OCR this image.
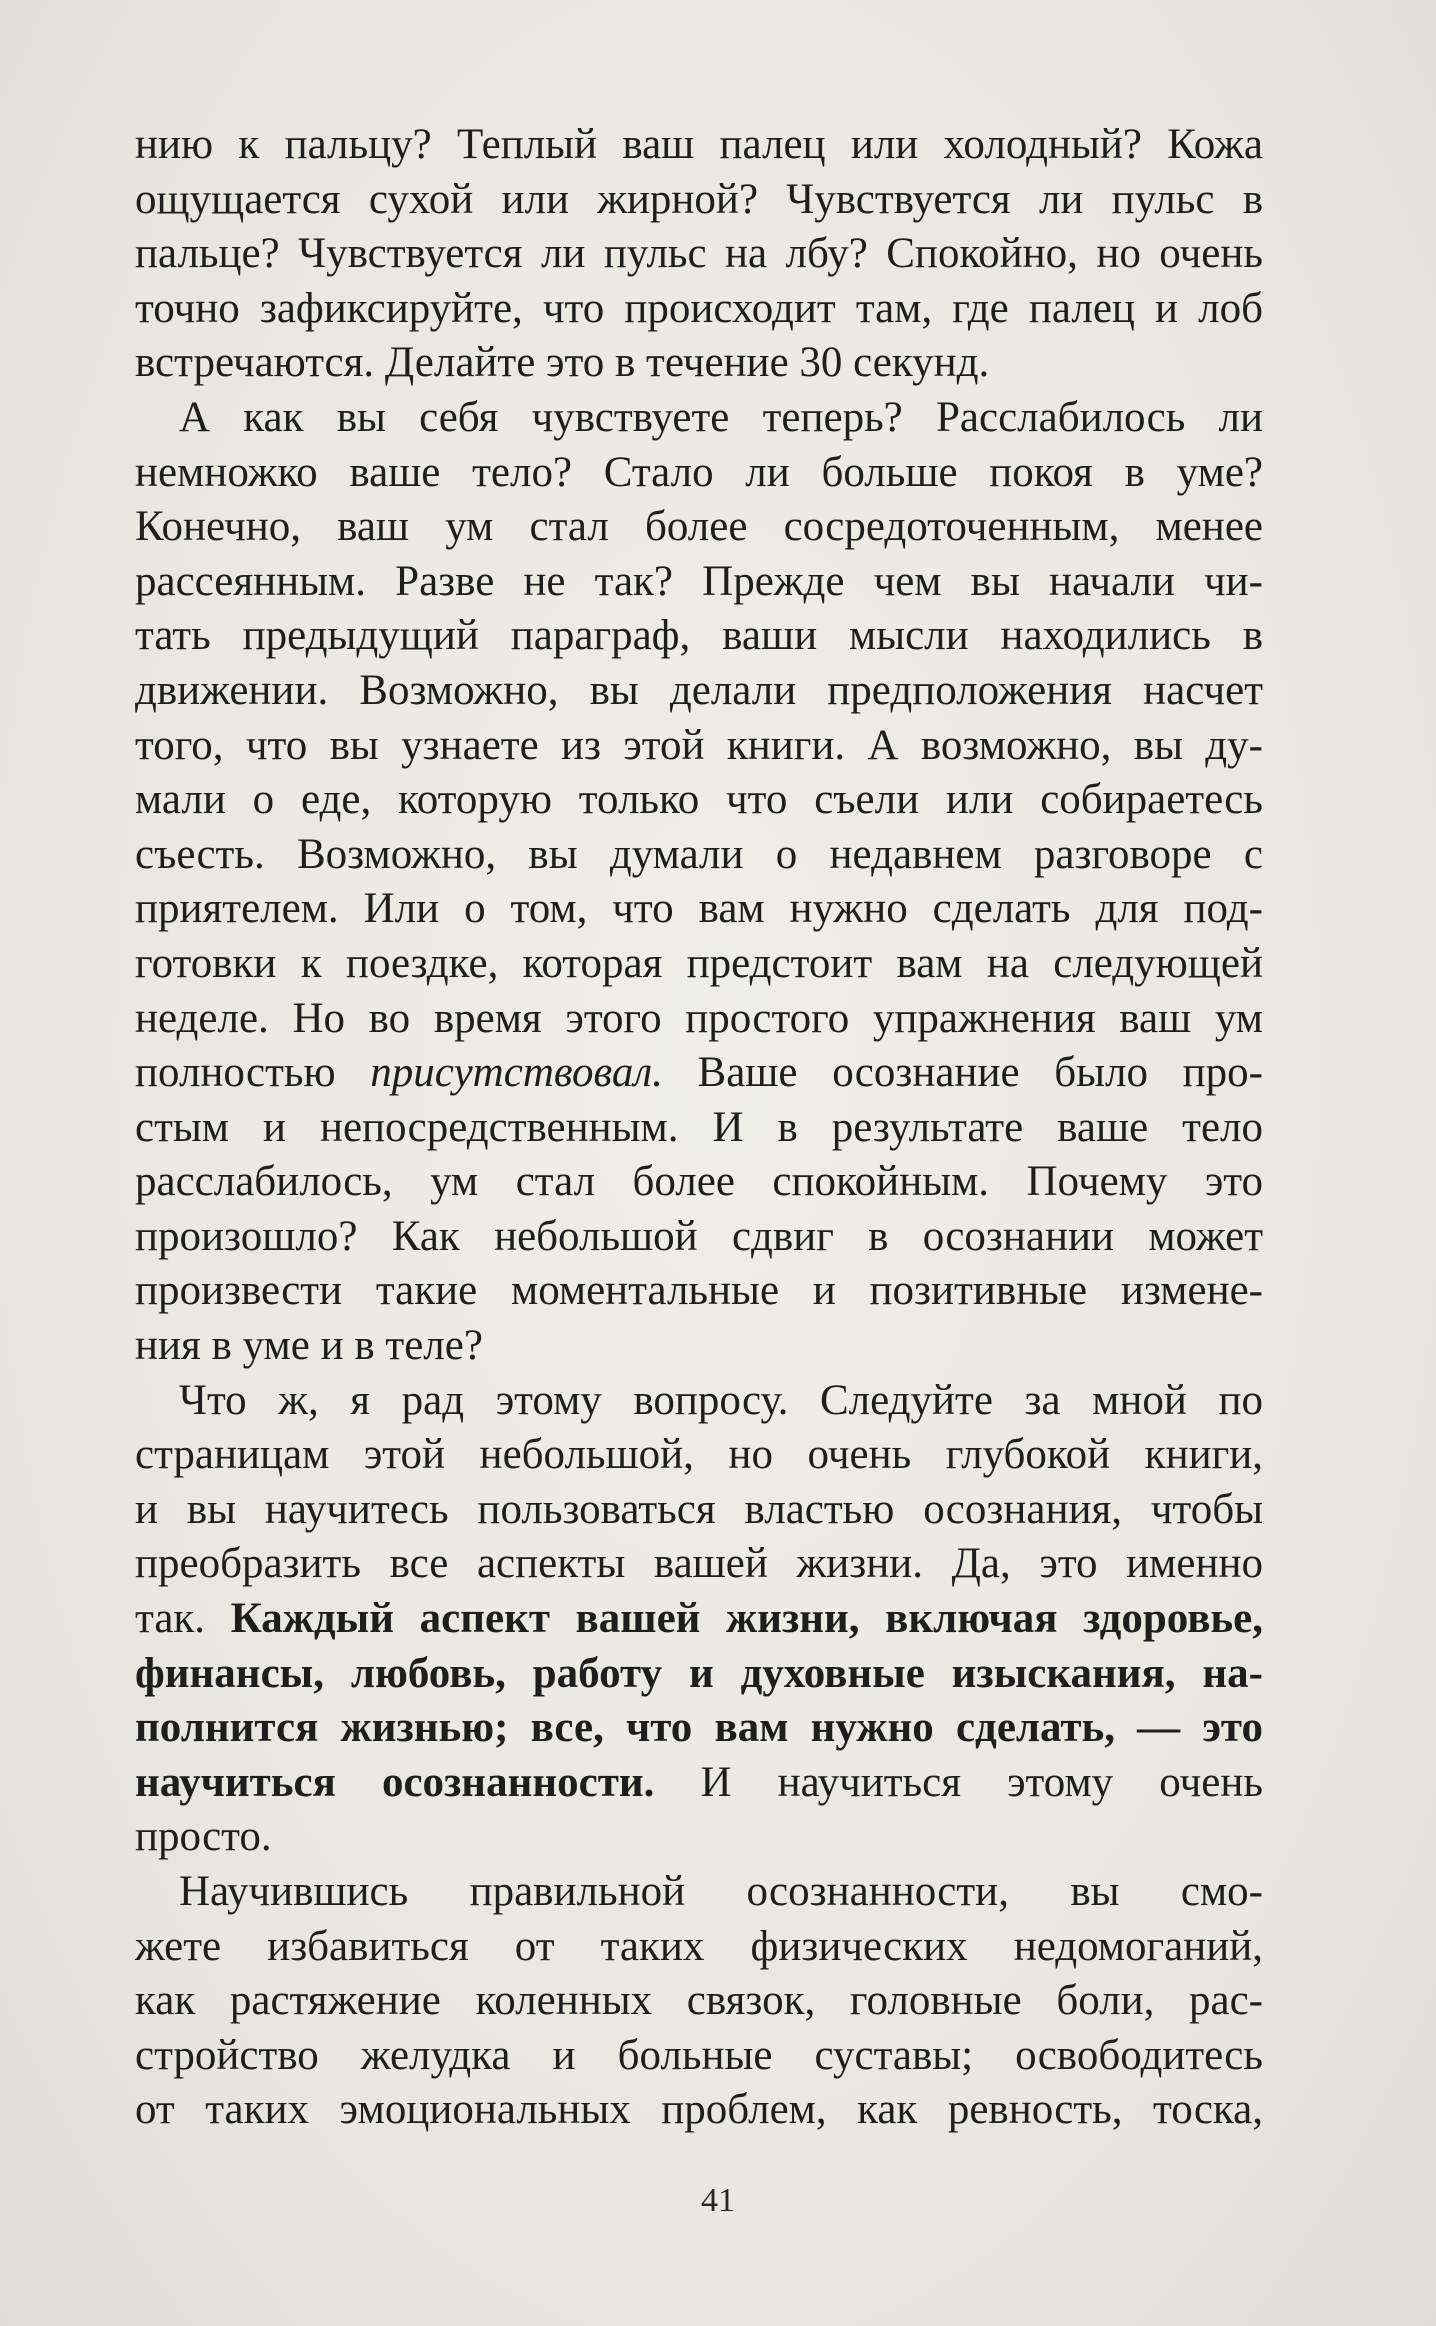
нию к пальцу? Теплый ваш палец или холодный? Кожа
ощущается сухой или жирной? Чувствуется ли пульс в
пальце? Чувствуется ли пульс на лбу? Спокойно, но очень
точно зафиксируйте, что происходит там, где палец и лоб
встречаются. Делайте это в течение 30 секунд.
А как вы себя чувствуете теперь? Расслабилось ли
немножко ваше тело? Стало ли больше покоя в уме?
Конечно, ваш ум стал более сосредоточенным, менее
рассеянным. Разве не так? Прежде чем вы начали чи-
тать предыдущий параграф, ваши мысли находились в
движении. Возможно, вы делали предположения насчет
того, что вы узнаете из этой книги. А возможно, вы ду-
мали о еде, которую только что съели или собираетесь
съесть. Возможно, вы думали о недавнем разговоре с
приятелем. Или о том, что вам нужно сделать для под-
готовки к поездке, которая предстоит вам на следующей
неделе. Но во время этого простого упражнения ваш ум
полностью присутствовал. Ваше осознание было про-
стым и непосредственным. И в результате ваше тело
расслабилось, ум стал более спокойным. Почему это
произошло? Как небольшой сдвиг в осознании может
произвести такие моментальные и позитивные измене-
ния в уме и в теле?
Что ж, я рад этому вопросу. Следуйте за мной по
страницам этой небольшой, но очень глубокой книги,
и вы научитесь пользоваться властью осознания, чтобы
преобразить все аспекты вашей жизни. Да, это именно
так. Каждый аспект вашей жизни, включая здоровье,
финансы, любовь, работу и духовные изыскания, на-
полнится жизнью; все, что вам нужно сделать, — это
научиться осознанности. И научиться этому очень
просто.
Научившись правильной осознанности, вы смо-
жете избавиться от таких физических недомоганий,
как растяжение коленных связок, головные боли, рас-
стройство желудка и больные суставы; освободитесь
от таких эмоциональных проблем, как ревность, тоска,
41
